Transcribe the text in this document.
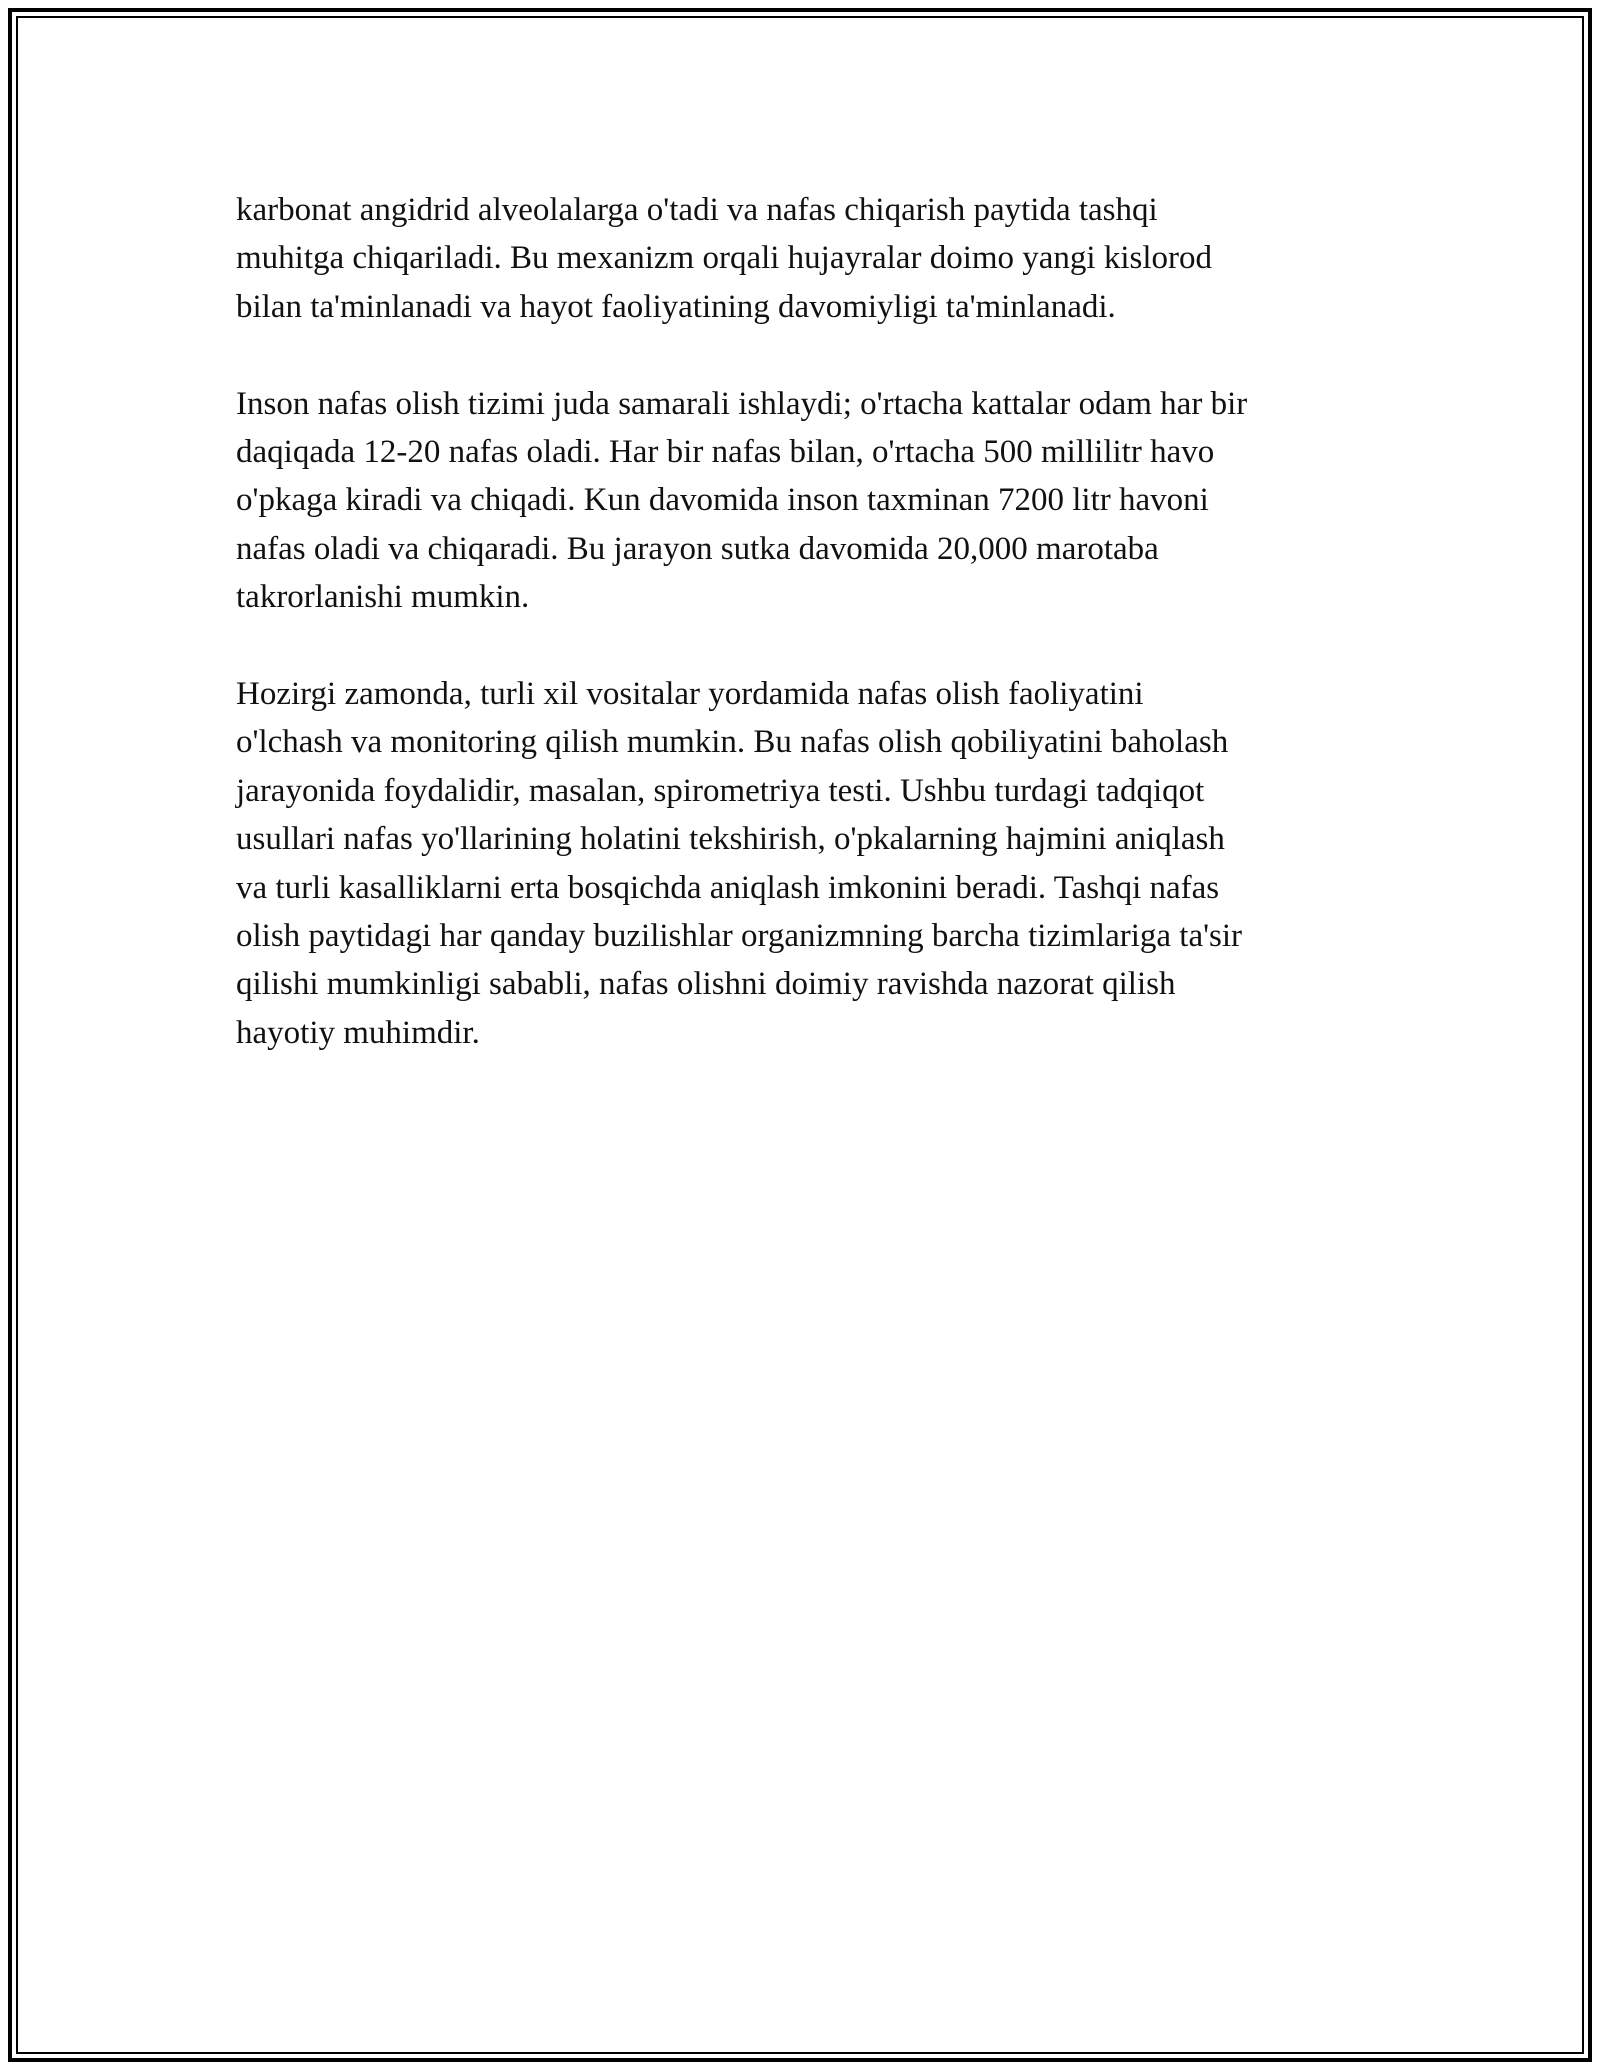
karbonat angidrid alveolalarga o'tadi va nafas chiqarish paytida tashqi
muhitga chiqariladi. Bu mexanizm orqali hujayralar doimo yangi kislorod
bilan ta'minlanadi va hayot faoliyatining davomiyligi ta'minlanadi.

Inson nafas olish tizimi juda samarali ishlaydi; o'rtacha kattalar odam har bir
daqiqada 12-20 nafas oladi. Har bir nafas bilan, o'rtacha 500 millilitr havo
o'pkaga kiradi va chiqadi. Kun davomida inson taxminan 7200 litr havoni
nafas oladi va chiqaradi. Bu jarayon sutka davomida 20,000 marotaba
takrorlanishi mumkin.

Hozirgi zamonda, turli xil vositalar yordamida nafas olish faoliyatini
o'lchash va monitoring qilish mumkin. Bu nafas olish qobiliyatini baholash
jarayonida foydalidir, masalan, spirometriya testi. Ushbu turdagi tadqiqot
usullari nafas yo'llarining holatini tekshirish, o'pkalarning hajmini aniqlash
va turli kasalliklarni erta bosqichda aniqlash imkonini beradi. Tashqi nafas
olish paytidagi har qanday buzilishlar organizmning barcha tizimlariga ta'sir
qilishi mumkinligi sababli, nafas olishni doimiy ravishda nazorat qilish
hayotiy muhimdir.
